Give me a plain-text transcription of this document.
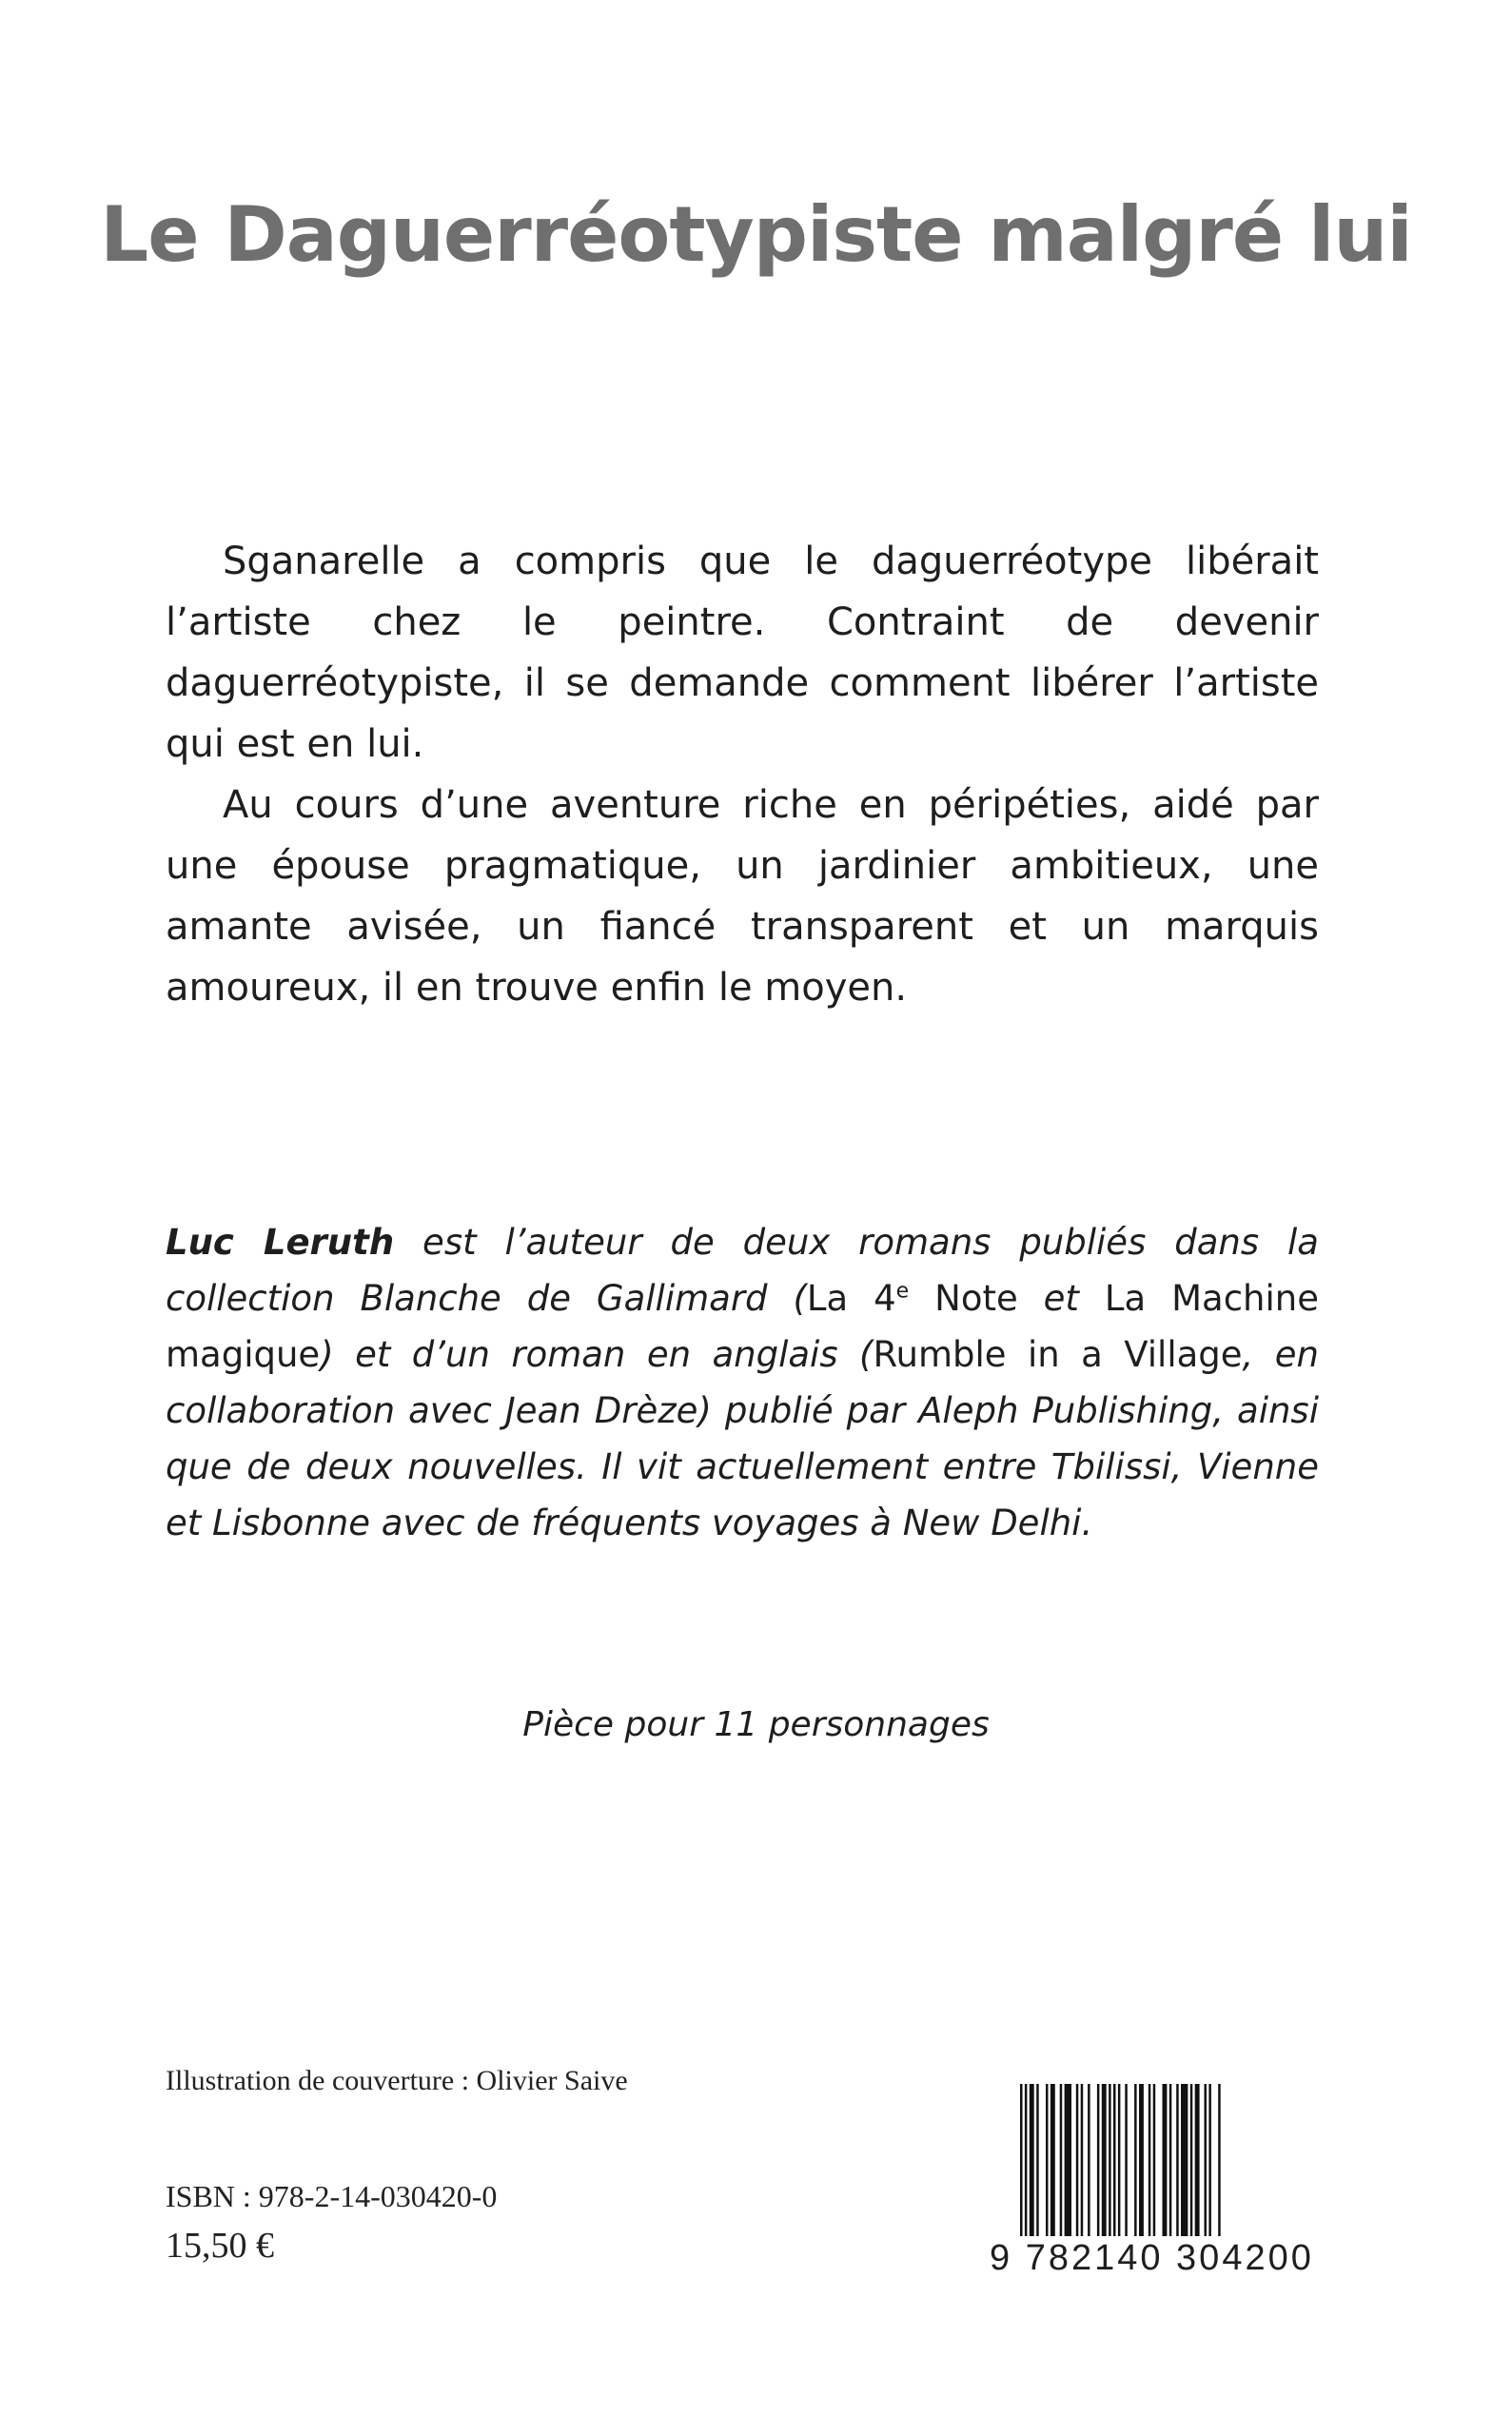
Le Daguerréotypiste malgré lui

Sganarelle a compris que le daguerréotype libérait l’artiste chez le peintre. Contraint de devenir daguerréotypiste, il se demande comment libérer l’artiste qui est en lui.

Au cours d’une aventure riche en péripéties, aidé par une épouse pragmatique, un jardinier ambitieux, une amante avisée, un fiancé transparent et un marquis amoureux, il en trouve enfin le moyen.

Luc Leruth est l’auteur de deux romans publiés dans la collection Blanche de Gallimard (La 4e Note et La Machine magique) et d’un roman en anglais (Rumble in a Village, en collaboration avec Jean Drèze) publié par Aleph Publishing, ainsi que de deux nouvelles. Il vit actuellement entre Tbilissi, Vienne et Lisbonne avec de fréquents voyages à New Delhi.
Pièce pour 11 personnages
Illustration de couverture : Olivier Saive
ISBN : 978-2-14-030420-0
15,50 €	9 782140 304200
